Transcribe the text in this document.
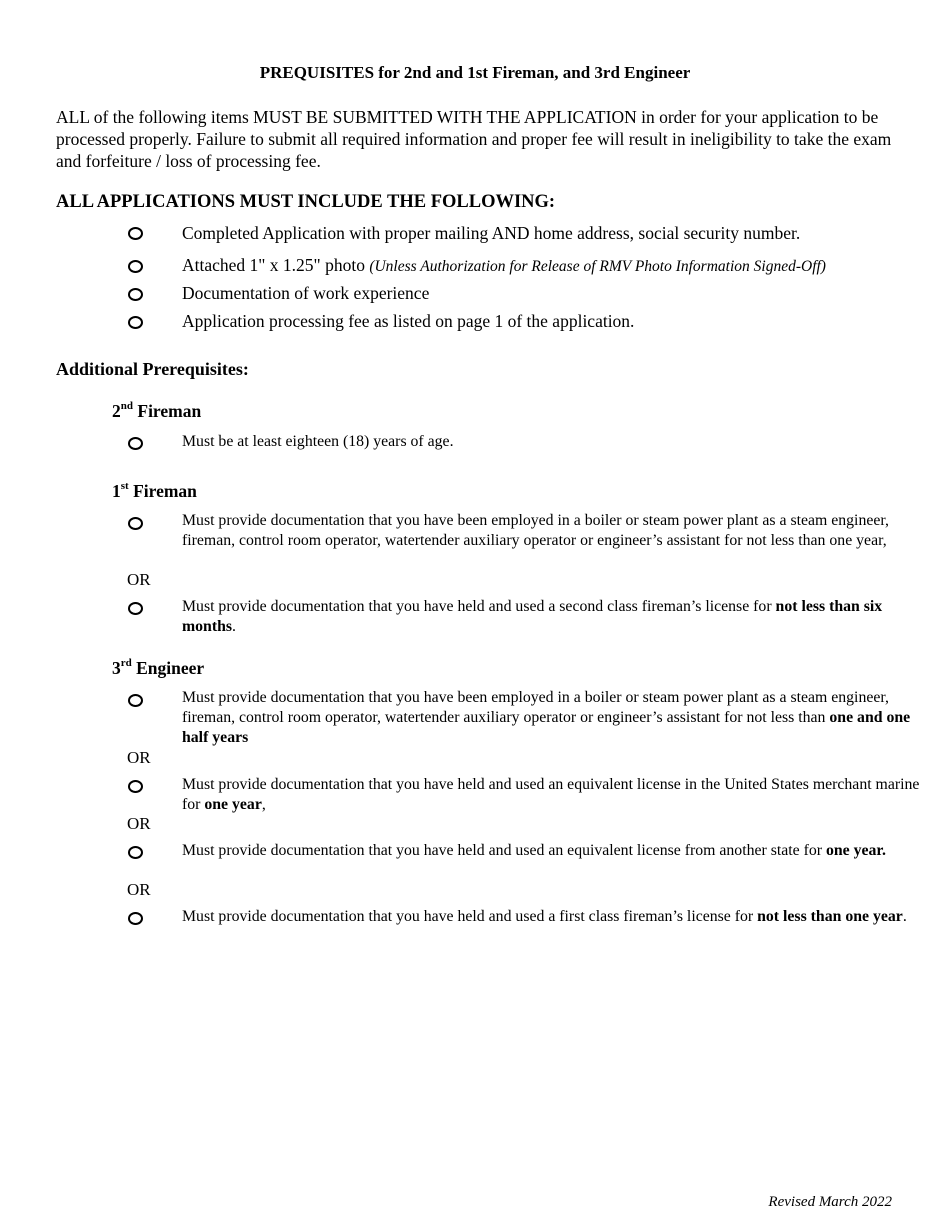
PREQUISITES for 2nd and 1st Fireman, and 3rd Engineer
ALL of the following items MUST BE SUBMITTED WITH THE APPLICATION in order for your application to be processed properly. Failure to submit all required information and proper fee will result in ineligibility to take the exam and forfeiture / loss of processing fee.
ALL APPLICATIONS MUST INCLUDE THE FOLLOWING:
Completed Application with proper mailing AND home address, social security number.
Attached 1" x 1.25" photo (Unless Authorization for Release of RMV Photo Information Signed-Off)
Documentation of work experience
Application processing fee as listed on page 1 of the application.
Additional Prerequisites:
2nd Fireman
Must be at least eighteen (18) years of age.
1st Fireman
Must provide documentation that you have been employed in a boiler or steam power plant as a steam engineer, fireman, control room operator, watertender auxiliary operator or engineer’s assistant for not less than one year,
OR
Must provide documentation that you have held and used a second class fireman’s license for not less than six months.
3rd Engineer
Must provide documentation that you have been employed in a boiler or steam power plant as a steam engineer, fireman, control room operator, watertender auxiliary operator or engineer’s assistant for not less than one and one half years
OR
Must provide documentation that you have held and used an equivalent license in the United States merchant marine for one year,
OR
Must provide documentation that you have held and used an equivalent license from another state for one year.
OR
Must provide documentation that you have held and used a first class fireman’s license for not less than one year.
Revised March 2022
